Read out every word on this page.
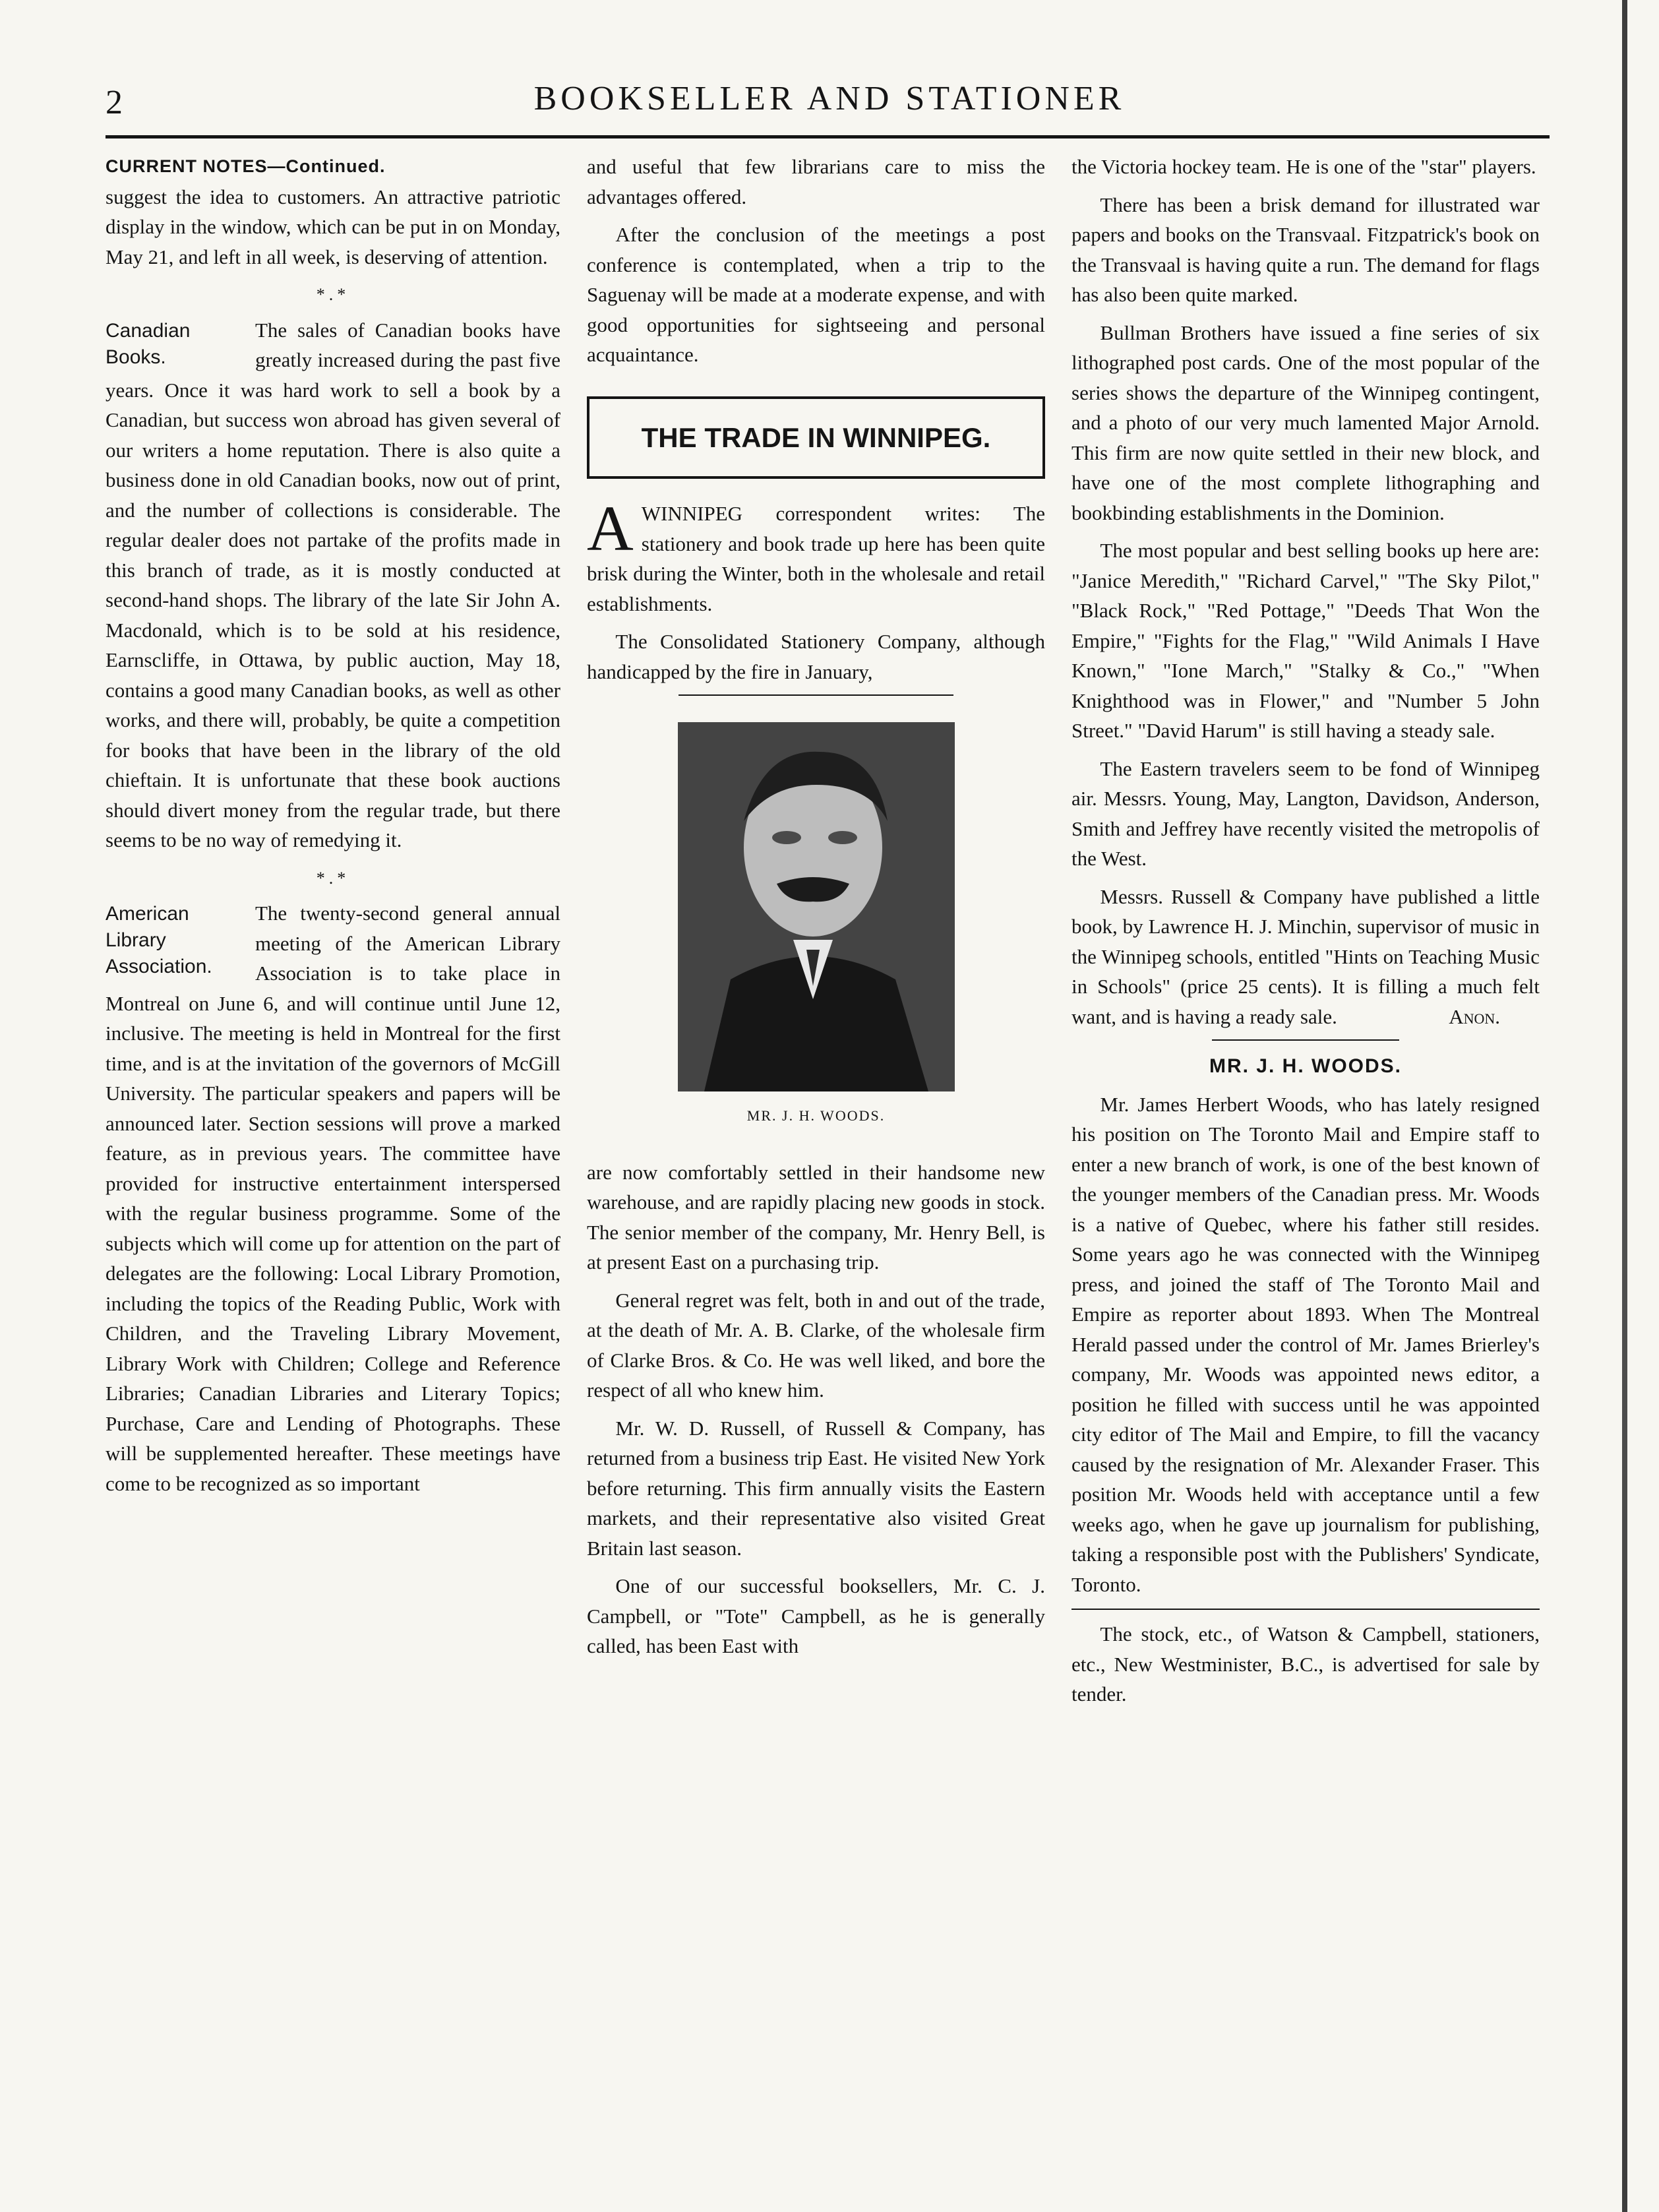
2	BOOKSELLER AND STATIONER
CURRENT NOTES—Continued.

suggest the idea to customers. An attractive patriotic display in the window, which can be put in on Monday, May 21, and left in all week, is deserving of attention.

*.*
Canadian
Books.

The sales of Canadian books have greatly increased during the past five years. Once it was hard work to sell a book by a Canadian, but success won abroad has given several of our writers a home reputation. There is also quite a business done in old Canadian books, now out of print, and the number of collections is considerable. The regular dealer does not partake of the profits made in this branch of trade, as it is mostly conducted at second-hand shops. The library of the late Sir John A. Macdonald, which is to be sold at his residence, Earnscliffe, in Ottawa, by public auction, May 18, contains a good many Canadian books, as well as other works, and there will, probably, be quite a competition for books that have been in the library of the old chieftain. It is unfortunate that these book auctions should divert money from the regular trade, but there seems to be no way of remedying it.

*.*
American
Library
Association.

The twenty-second general annual meeting of the American Library Association is to take place in Montreal on June 6, and will continue until June 12, inclusive. The meeting is held in Montreal for the first time, and is at the invitation of the governors of McGill University. The particular speakers and papers will be announced later. Section sessions will prove a marked feature, as in previous years. The committee have provided for instructive entertainment interspersed with the regular business programme. Some of the subjects which will come up for attention on the part of delegates are the following: Local Library Promotion, including the topics of the Reading Public, Work with Children, and the Traveling Library Movement, Library Work with Children; College and Reference Libraries; Canadian Libraries and Literary Topics; Purchase, Care and Lending of Photographs. These will be supplemented hereafter. These meetings have come to be recognized as so important

and useful that few librarians care to miss the advantages offered.

After the conclusion of the meetings a post conference is contemplated, when a trip to the Saguenay will be made at a moderate expense, and with good opportunities for sightseeing and personal acquaintance.

THE TRADE IN WINNIPEG.

AWINNIPEG correspondent writes: The stationery and book trade up here has been quite brisk during the Winter, both in the wholesale and retail establishments.

The Consolidated Stationery Company, although handicapped by the fire in January,

MR. J. H. WOODS.

are now comfortably settled in their handsome new warehouse, and are rapidly placing new goods in stock. The senior member of the company, Mr. Henry Bell, is at present East on a purchasing trip.

General regret was felt, both in and out of the trade, at the death of Mr. A. B. Clarke, of the wholesale firm of Clarke Bros. & Co. He was well liked, and bore the respect of all who knew him.

Mr. W. D. Russell, of Russell & Company, has returned from a business trip East. He visited New York before returning. This firm annually visits the Eastern markets, and their representative also visited Great Britain last season.

One of our successful booksellers, Mr. C. J. Campbell, or "Tote" Campbell, as he is generally called, has been East with

the Victoria hockey team. He is one of the "star" players.

There has been a brisk demand for illustrated war papers and books on the Transvaal. Fitzpatrick's book on the Transvaal is having quite a run. The demand for flags has also been quite marked.

Bullman Brothers have issued a fine series of six lithographed post cards. One of the most popular of the series shows the departure of the Winnipeg contingent, and a photo of our very much lamented Major Arnold. This firm are now quite settled in their new block, and have one of the most complete lithographing and bookbinding establishments in the Dominion.

The most popular and best selling books up here are: "Janice Meredith," "Richard Carvel," "The Sky Pilot," "Black Rock," "Red Pottage," "Deeds That Won the Empire," "Fights for the Flag," "Wild Animals I Have Known," "Ione March," "Stalky & Co.," "When Knighthood was in Flower," and "Number 5 John Street." "David Harum" is still having a steady sale.

The Eastern travelers seem to be fond of Winnipeg air. Messrs. Young, May, Langton, Davidson, Anderson, Smith and Jeffrey have recently visited the metropolis of the West.

Messrs. Russell & Company have published a little book, by Lawrence H. J. Minchin, supervisor of music in the Winnipeg schools, entitled "Hints on Teaching Music in Schools" (price 25 cents). It is filling a much felt want, and is having a ready sale.	Anon.

MR. J. H. WOODS.

Mr. James Herbert Woods, who has lately resigned his position on The Toronto Mail and Empire staff to enter a new branch of work, is one of the best known of the younger members of the Canadian press. Mr. Woods is a native of Quebec, where his father still resides. Some years ago he was connected with the Winnipeg press, and joined the staff of The Toronto Mail and Empire as reporter about 1893. When The Montreal Herald passed under the control of Mr. James Brierley's company, Mr. Woods was appointed news editor, a position he filled with success until he was appointed city editor of The Mail and Empire, to fill the vacancy caused by the resignation of Mr. Alexander Fraser. This position Mr. Woods held with acceptance until a few weeks ago, when he gave up journalism for publishing, taking a responsible post with the Publishers' Syndicate, Toronto.

The stock, etc., of Watson & Campbell, stationers, etc., New Westminister, B.C., is advertised for sale by tender.
